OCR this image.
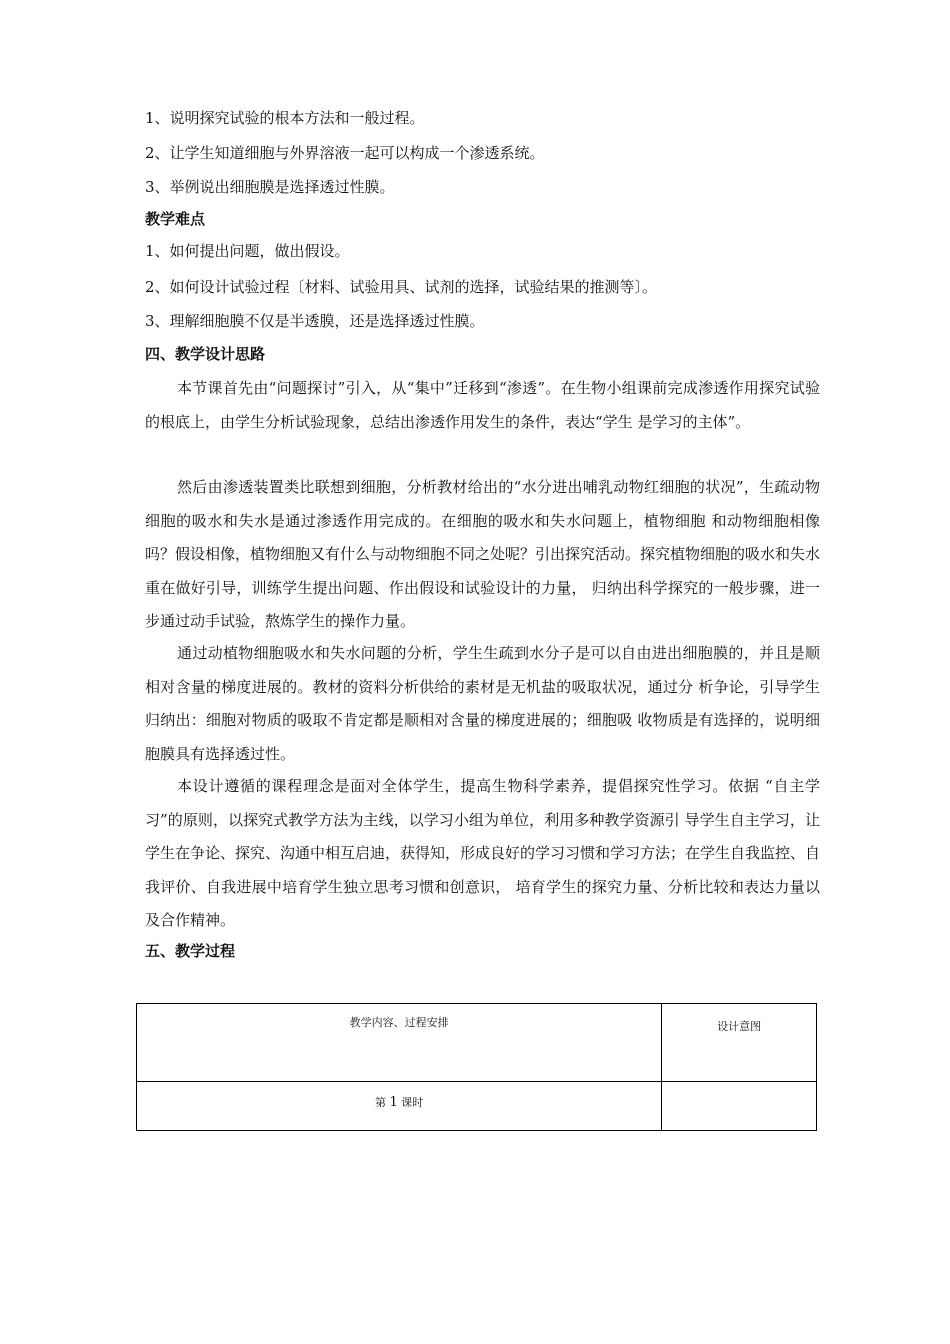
1、说明探究试验的根本方法和一般过程。
2、让学生知道细胞与外界溶液一起可以构成一个渗透系统。
3、举例说出细胞膜是选择透过性膜。
教学难点
1、如何提出问题，做出假设。
2、如何设计试验过程〔材料、试验用具、试剂的选择，试验结果的推测等〕。
3、理解细胞膜不仅是半透膜，还是选择透过性膜。
四、教学设计思路
本节课首先由“问题探讨”引入，从“集中”迁移到“渗透”。在生物小组课前完成渗透作用探究试验的根底上，由学生分析试验现象，总结出渗透作用发生的条件，表达“学生 是学习的主体”。
然后由渗透装置类比联想到细胞，分析教材给出的“水分进出哺乳动物红细胞的状况”，生疏动物细胞的吸水和失水是通过渗透作用完成的。在细胞的吸水和失水问题上，植物细胞 和动物细胞相像吗？假设相像，植物细胞又有什么与动物细胞不同之处呢？引出探究活动。探究植物细胞的吸水和失水重在做好引导，训练学生提出问题、作出假设和试验设计的力量， 归纳出科学探究的一般步骤，进一步通过动手试验，熬炼学生的操作力量。
通过动植物细胞吸水和失水问题的分析，学生生疏到水分子是可以自由进出细胞膜的，并且是顺相对含量的梯度进展的。教材的资料分析供给的素材是无机盐的吸取状况，通过分 析争论，引导学生归纳出：细胞对物质的吸取不肯定都是顺相对含量的梯度进展的；细胞吸 收物质是有选择的，说明细胞膜具有选择透过性。
本设计遵循的课程理念是面对全体学生，提高生物科学素养，提倡探究性学习。依据 “自主学习”的原则，以探究式教学方法为主线，以学习小组为单位，利用多种教学资源引 导学生自主学习，让学生在争论、探究、沟通中相互启迪，获得知，形成良好的学习习惯和学习方法；在学生自我监控、自我评价、自我进展中培育学生独立思考习惯和创意识， 培育学生的探究力量、分析比较和表达力量以及合作精神。
五、教学过程
教学内容、过程安排	设计意图
第 1 课时	
